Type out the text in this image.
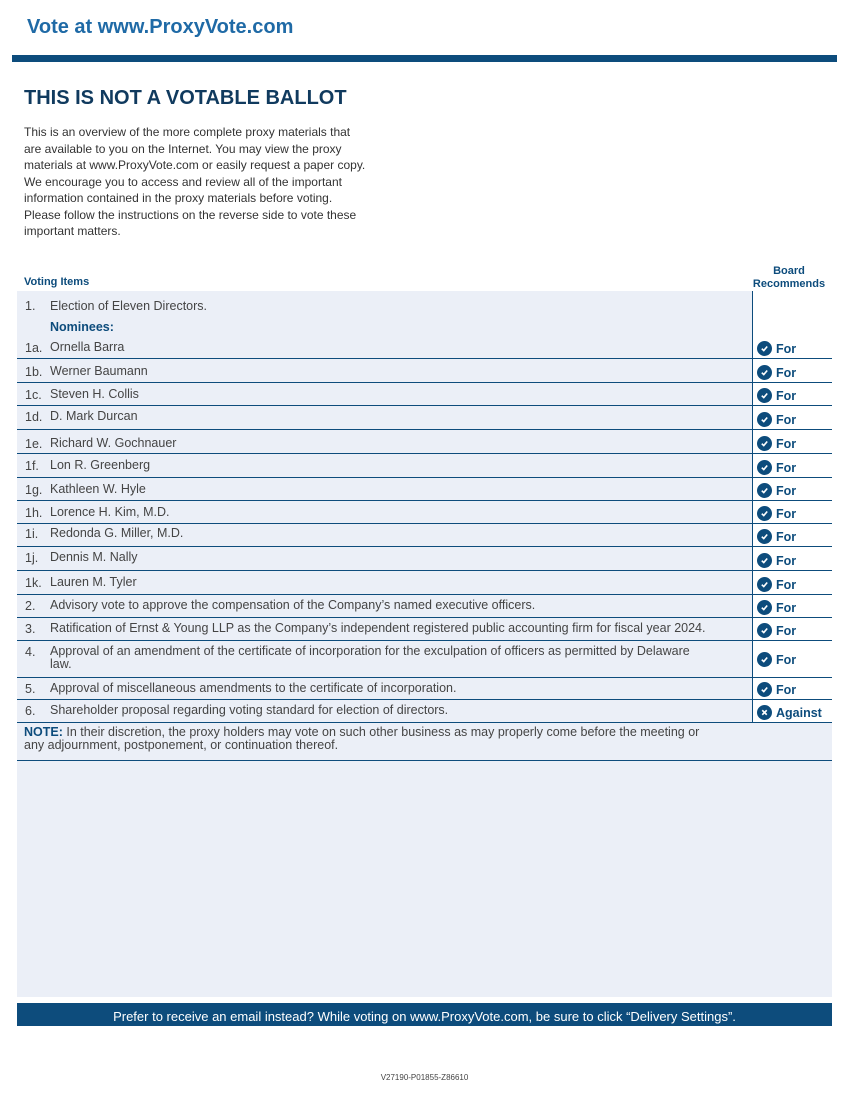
Vote at www.ProxyVote.com
THIS IS NOT A VOTABLE BALLOT
This is an overview of the more complete proxy materials that
are available to you on the Internet. You may view the proxy
materials at www.ProxyVote.com or easily request a paper copy.
We encourage you to access and review all of the important
information contained in the proxy materials before voting.
Please follow the instructions on the reverse side to vote these
important matters.
Voting Items
Board
Recommends
1. Election of Eleven Directors.
Nominees:
1a. Ornella Barra	For
1b. Werner Baumann	For
1c. Steven H. Collis	For
1d. D. Mark Durcan	For
1e. Richard W. Gochnauer	For
1f. Lon R. Greenberg	For
1g. Kathleen W. Hyle	For
1h. Lorence H. Kim, M.D.	For
1i. Redonda G. Miller, M.D.	For
1j. Dennis M. Nally	For
1k. Lauren M. Tyler	For
2. Advisory vote to approve the compensation of the Company’s named executive officers.	For
3. Ratification of Ernst & Young LLP as the Company’s independent registered public accounting firm for fiscal year 2024.	For
4. Approval of an amendment of the certificate of incorporation for the exculpation of officers as permitted by Delaware
law.	For
5. Approval of miscellaneous amendments to the certificate of incorporation.	For
6. Shareholder proposal regarding voting standard for election of directors.	Against
NOTE: In their discretion, the proxy holders may vote on such other business as may properly come before the meeting or
any adjournment, postponement, or continuation thereof.
Prefer to receive an email instead? While voting on www.ProxyVote.com, be sure to click “Delivery Settings”.
V27190-P01855-Z86610
